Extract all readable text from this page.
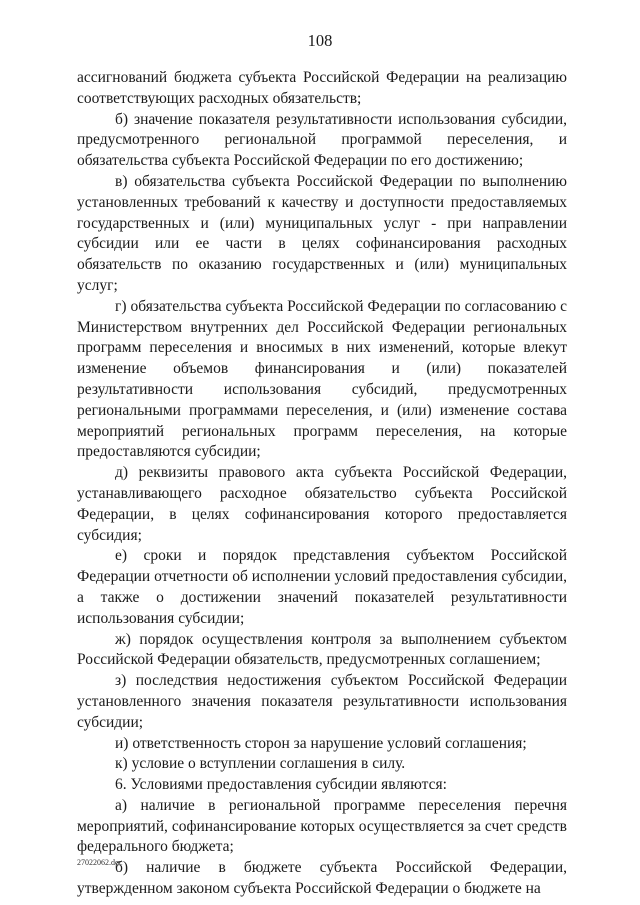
108

ассигнований бюджета субъекта Российской Федерации на реализацию соответствующих расходных обязательств;

б) значение показателя результативности использования субсидии, предусмотренного региональной программой переселения, и обязательства субъекта Российской Федерации по его достижению;

в) обязательства субъекта Российской Федерации по выполнению установленных требований к качеству и доступности предоставляемых государственных и (или) муниципальных услуг - при направлении субсидии или ее части в целях софинансирования расходных обязательств по оказанию государственных и (или) муниципальных услуг;

г) обязательства субъекта Российской Федерации по согласованию с Министерством внутренних дел Российской Федерации региональных программ переселения и вносимых в них изменений, которые влекут изменение объемов финансирования и (или) показателей результативности использования субсидий, предусмотренных региональными программами переселения, и (или) изменение состава мероприятий региональных программ переселения, на которые предоставляются субсидии;

д) реквизиты правового акта субъекта Российской Федерации, устанавливающего расходное обязательство субъекта Российской Федерации, в целях софинансирования которого предоставляется субсидия;

е) сроки и порядок представления субъектом Российской Федерации отчетности об исполнении условий предоставления субсидии, а также о достижении значений показателей результативности использования субсидии;

ж) порядок осуществления контроля за выполнением субъектом Российской Федерации обязательств, предусмотренных соглашением;

з) последствия недостижения субъектом Российской Федерации установленного значения показателя результативности использования субсидии;

и) ответственность сторон за нарушение условий соглашения;

к) условие о вступлении соглашения в силу.

6. Условиями предоставления субсидии являются:

а) наличие в региональной программе переселения перечня мероприятий, софинансирование которых осуществляется за счет средств федерального бюджета;

б) наличие в бюджете субъекта Российской Федерации, утвержденном законом субъекта Российской Федерации о бюджете на

27022062.doc
